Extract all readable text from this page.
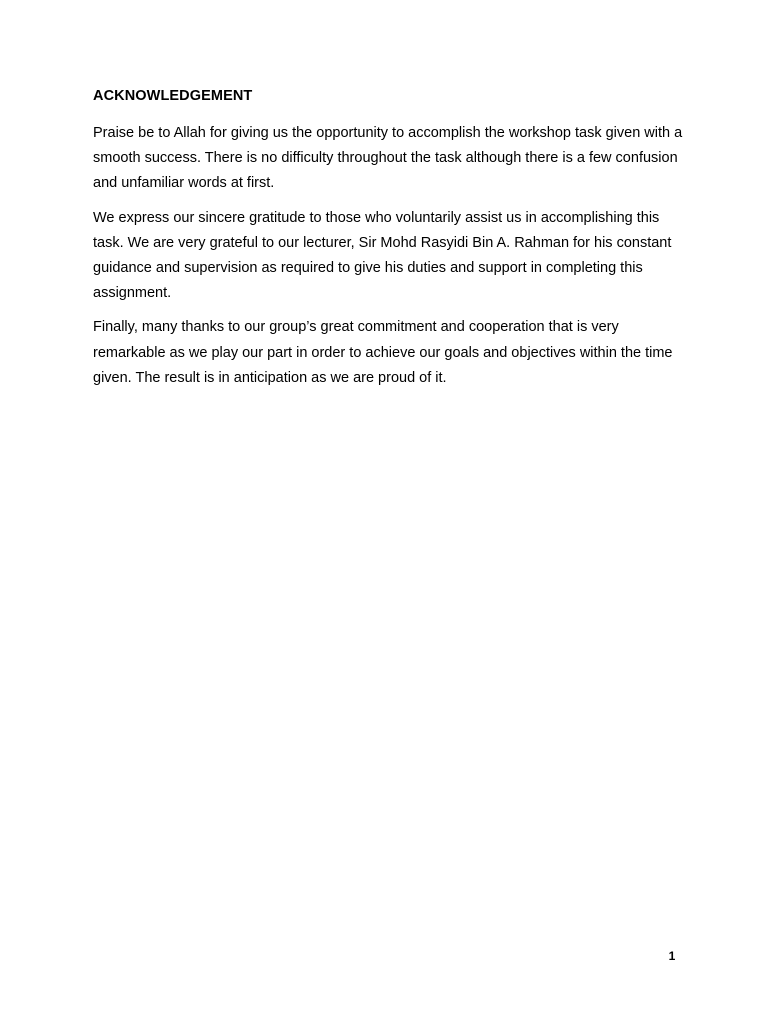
ACKNOWLEDGEMENT

Praise be to Allah for giving us the opportunity to accomplish the workshop task given with a smooth success. There is no difficulty throughout the task although there is a few confusion and unfamiliar words at first.

We express our sincere gratitude to those who voluntarily assist us in accomplishing this task. We are very grateful to our lecturer, Sir Mohd Rasyidi Bin A. Rahman for his constant guidance and supervision as required to give his duties and support in completing this assignment.

Finally, many thanks to our group’s great commitment and cooperation that is very remarkable as we play our part in order to achieve our goals and objectives within the time given. The result is in anticipation as we are proud of it.

1
